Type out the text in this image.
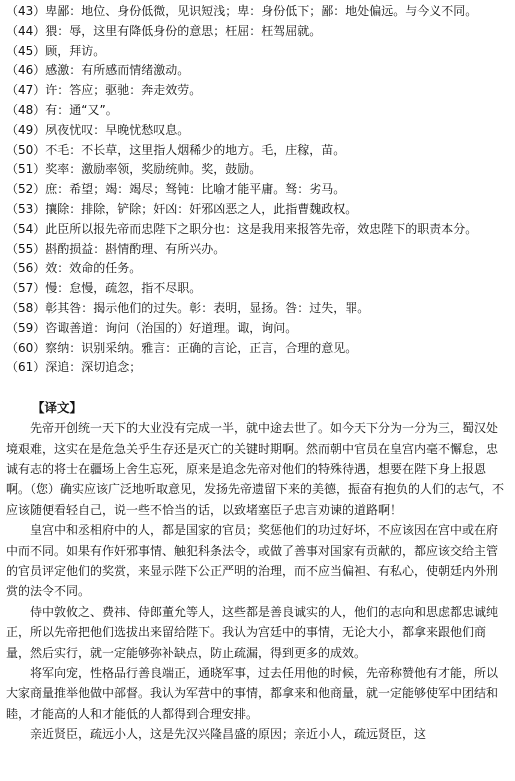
（43）卑鄙：地位、身份低微，见识短浅；卑：身份低下；鄙：地处偏远。与今义不同。
（44）猥：辱，这里有降低身份的意思；枉屈：枉驾屈就。
（45）顾，拜访。
（46）感激：有所感而情绪激动。
（47）许：答应；驱驰：奔走效劳。
（48）有：通“又”。
（49）夙夜忧叹：早晚忧愁叹息。
（50）不毛：不长草，这里指人烟稀少的地方。毛，庄稼，苗。
（51）奖率：激励率领，奖励统帅。奖，鼓励。
（52）庶：希望；竭：竭尽；驽钝：比喻才能平庸。驽：劣马。
（53）攘除：排除，铲除；奸凶：奸邪凶恶之人，此指曹魏政权。
（54）此臣所以报先帝而忠陛下之职分也：这是我用来报答先帝，效忠陛下的职责本分。
（55）斟酌损益：斟情酌理、有所兴办。
（56）效：效命的任务。
（57）慢：怠慢，疏忽，指不尽职。
（58）彰其咎：揭示他们的过失。彰：表明，显扬。咎：过失，罪。
（59）咨诹善道：询问（治国的）好道理。诹，询问。
（60）察纳：识别采纳。雅言：正确的言论，正言，合理的意见。
（61）深追：深切追念；
【译文】

先帝开创统一天下的大业没有完成一半，就中途去世了。如今天下分为一分为三，蜀汉处境艰难，这实在是危急关乎生存还是灭亡的关键时期啊。然而朝中官员在皇宫内毫不懈怠，忠诚有志的将士在疆场上舍生忘死，原来是追念先帝对他们的特殊待遇，想要在陛下身上报恩啊。（您）确实应该广泛地听取意见，发扬先帝遗留下来的美德，振奋有抱负的人们的志气，不应该随便看轻自己，说一些不恰当的话，以致堵塞臣子忠言劝谏的道路啊！

皇宫中和丞相府中的人，都是国家的官员；奖惩他们的功过好坏，不应该因在宫中或在府中而不同。如果有作奸邪事情、触犯科条法令，或做了善事对国家有贡献的，都应该交给主管的官员评定他们的奖赏，来显示陛下公正严明的治理，而不应当偏袒、有私心，使朝廷内外刑赏的法令不同。

侍中敦攸之、费祎、侍郎董允等人，这些都是善良诚实的人，他们的志向和思虑都忠诚纯正，所以先帝把他们选拔出来留给陛下。我认为宫廷中的事情，无论大小，都拿来跟他们商量，然后实行，就一定能够弥补缺点，防止疏漏，得到更多的成效。

将军向宠，性格品行善良端正，通晓军事，过去任用他的时候，先帝称赞他有才能，所以大家商量推举他做中部督。我认为军营中的事情，都拿来和他商量，就一定能够使军中团结和睦，才能高的人和才能低的人都得到合理安排。

亲近贤臣，疏远小人，这是先汉兴隆昌盛的原因；亲近小人，疏远贤臣，这
